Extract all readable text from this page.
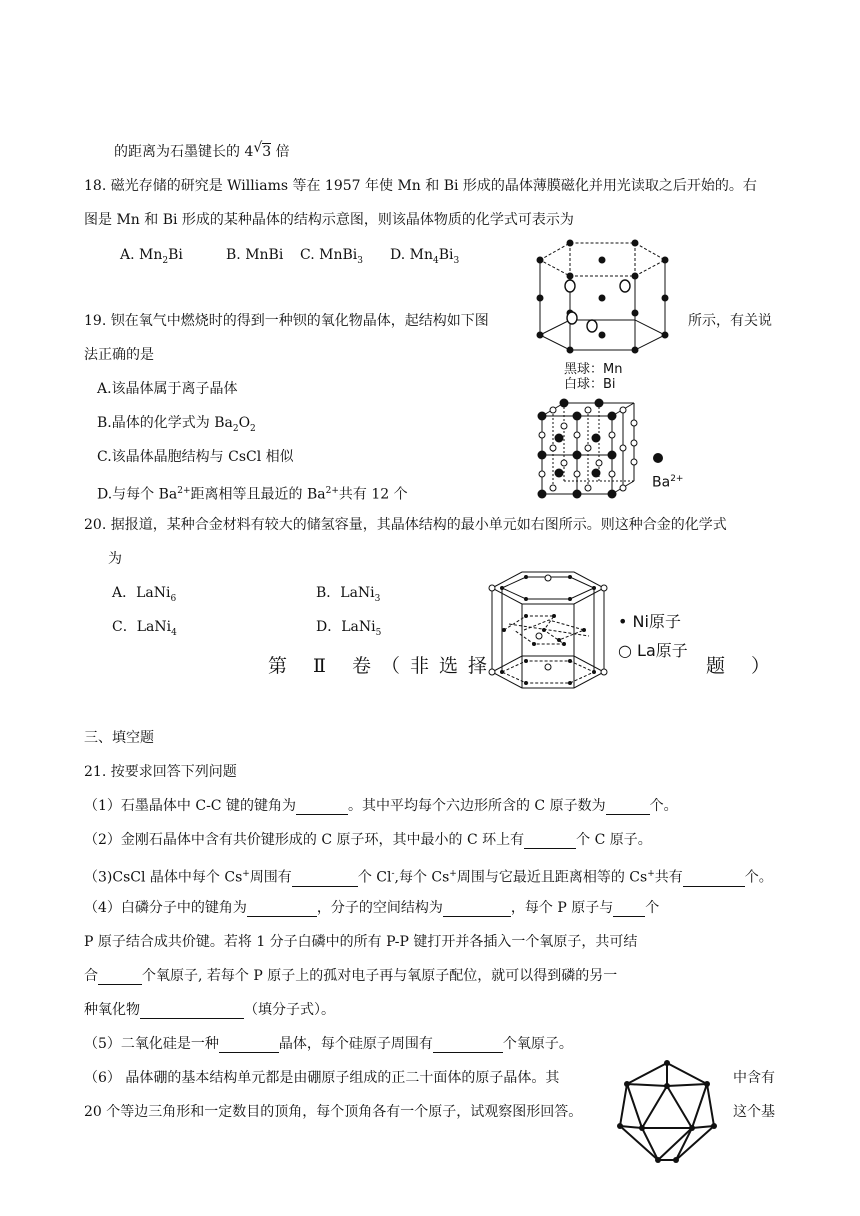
的距离为石墨键长的 4√3 倍
18. 磁光存储的研究是 Williams 等在 1957 年使 Mn 和 Bi 形成的晶体薄膜磁化并用光读取之后开始的。右
图是 Mn 和 Bi 形成的某种晶体的结构示意图，则该晶体物质的化学式可表示为
A. $Mn_2Bi$	B. MnBi C. MnBi$_3$ D. $Mn_4Bi_3$
黑球：Mn
白球：Bi
19. 钡在氧气中燃烧时的得到一种钡的氧化物晶体，起结构如下图	所示，有关说
法正确的是
A.该晶体属于离子晶体
B.晶体的化学式为 $Ba_2O_2$
C.该晶体晶胞结构与 CsCl 相似
D.与每个 $Ba^{2+}$距离相等且最近的 $Ba^{2+}$共有 12 个
$Ba^{2+}$
20. 据报道，某种合金材料有较大的储氢容量，其晶体结构的最小单元如右图所示。则这种合金的化学式
为
A．LaNi$_6$	B．LaNi$_3$
C．LaNi$_4$	D．LaNi$_5$
• Ni原子
○ La原子
第 Ⅱ 卷（非选择	题 ）
三、填空题
21. 按要求回答下列问题
（1）石墨晶体中 C-C 键的键角为	。其中平均每个六边形所含的 C 原子数为	个。
（2）金刚石晶体中含有共价键形成的 C 原子环，其中最小的 C 环上有	个 C 原子。
（3)CsCl 晶体中每个 Cs+周围有	个 Cl-,每个 Cs+周围与它最近且距离相等的 Cs+共有	个。
（4）白磷分子中的键角为	，分子的空间结构为	，每个 P 原子与 个
P 原子结合成共价键。若将 1 分子白磷中的所有 P-P 键打开并各插入一个氧原子，共可结
合	个氧原子, 若每个 P 原子上的孤对电子再与氧原子配位，就可以得到磷的另一
种氧化物	（填分子式）。
（5）二氧化硅是一种	晶体，每个硅原子周围有	个氧原子。
（6） 晶体硼的基本结构单元都是由硼原子组成的正二十面体的原子晶体。其	中含有
20 个等边三角形和一定数目的顶角，每个顶角各有一个原子，试观察图形回答。	这个基
